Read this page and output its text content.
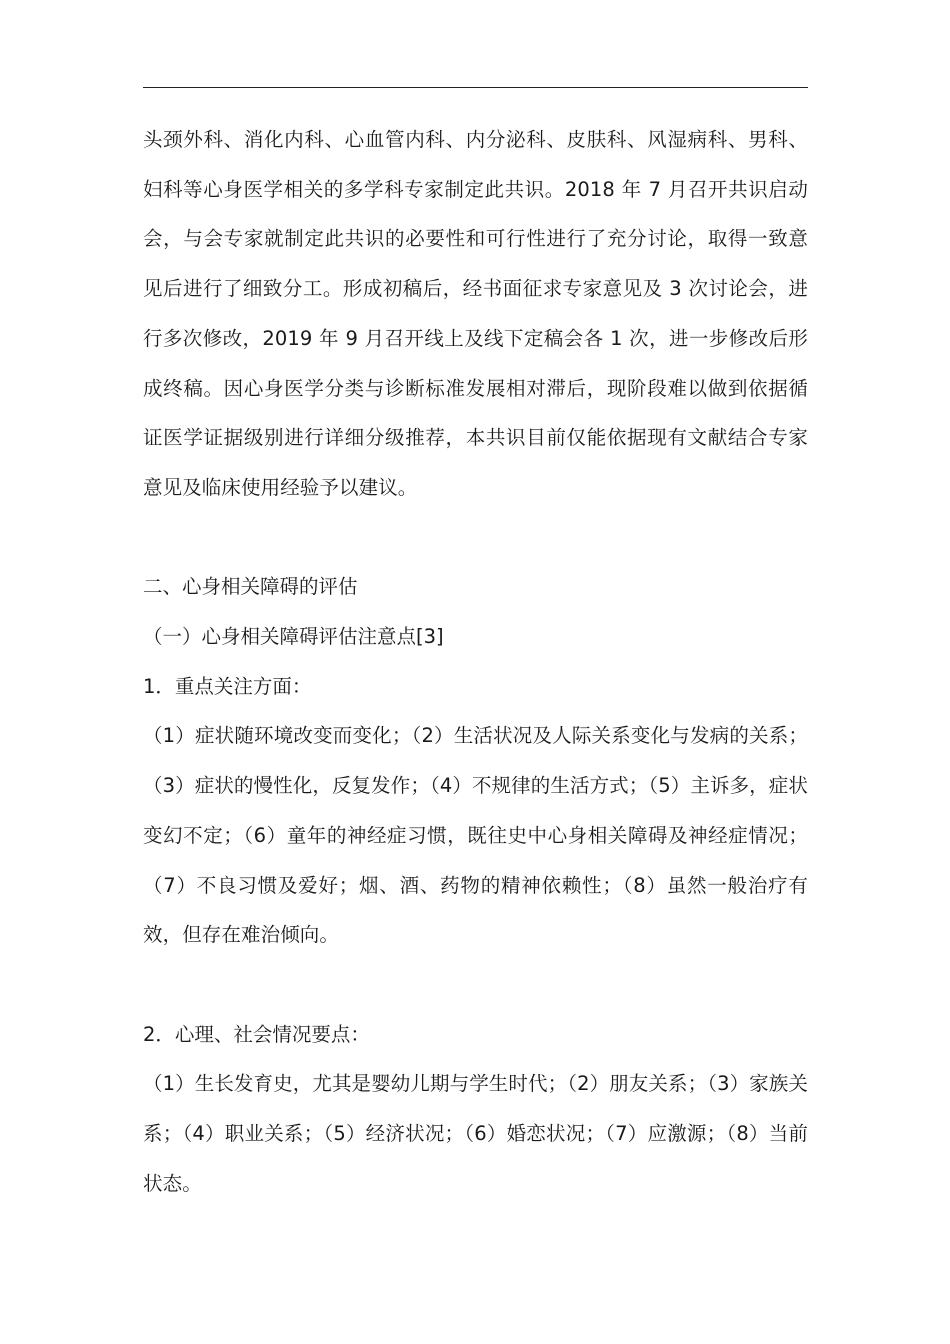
头颈外科、消化内科、心血管内科、内分泌科、皮肤科、风湿病科、男科、妇科等心身医学相关的多学科专家制定此共识。2018 年 7 月召开共识启动会，与会专家就制定此共识的必要性和可行性进行了充分讨论，取得一致意见后进行了细致分工。形成初稿后，经书面征求专家意见及 3 次讨论会，进行多次修改，2019 年 9 月召开线上及线下定稿会各 1 次，进一步修改后形成终稿。因心身医学分类与诊断标准发展相对滞后，现阶段难以做到依据循证医学证据级别进行详细分级推荐，本共识目前仅能依据现有文献结合专家意见及临床使用经验予以建议。

二、心身相关障碍的评估

（一）心身相关障碍评估注意点[3]

1．重点关注方面：

（1）症状随环境改变而变化；（2）生活状况及人际关系变化与发病的关系；（3）症状的慢性化，反复发作；（4）不规律的生活方式；（5）主诉多，症状变幻不定；（6）童年的神经症习惯，既往史中心身相关障碍及神经症情况；（7）不良习惯及爱好；烟、酒、药物的精神依赖性；（8）虽然一般治疗有效，但存在难治倾向。

2．心理、社会情况要点：

（1）生长发育史，尤其是婴幼儿期与学生时代；（2）朋友关系；（3）家族关系；（4）职业关系；（5）经济状况；（6）婚恋状况；（7）应激源；（8）当前状态。
